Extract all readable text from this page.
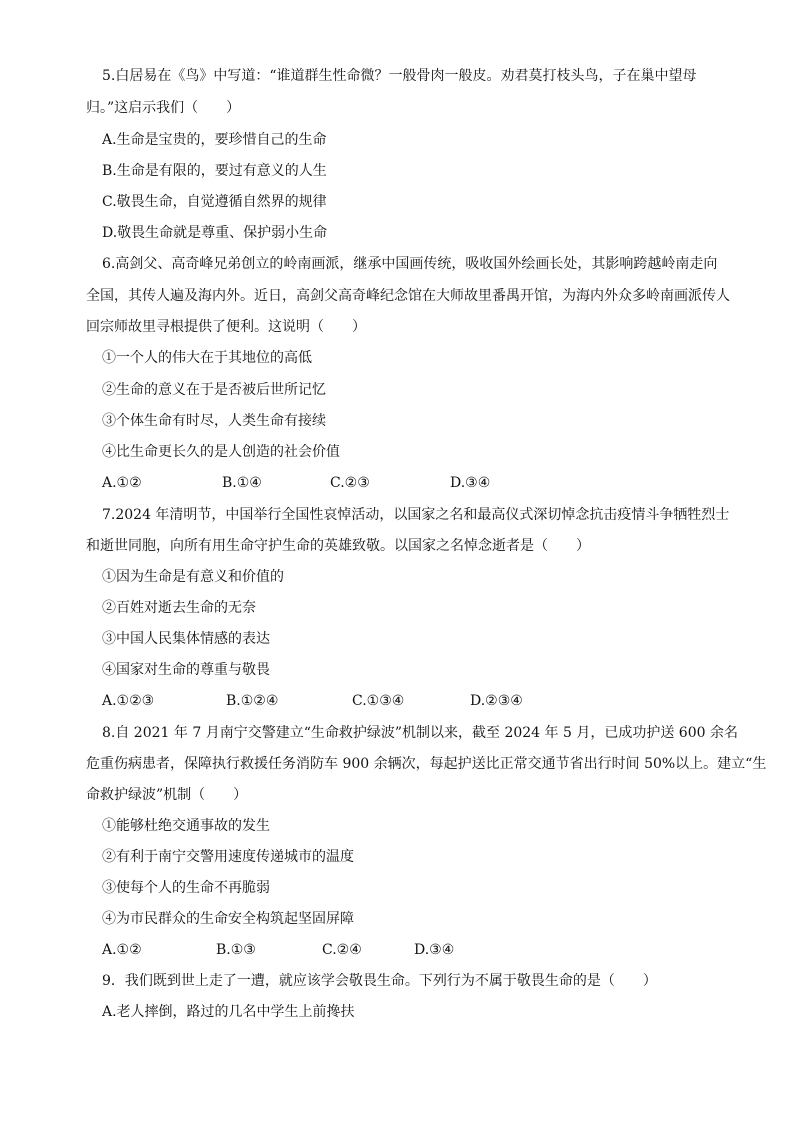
5.白居易在《鸟》中写道：“谁道群生性命微？一般骨肉一般皮。劝君莫打枝头鸟，子在巢中望母
归。”这启示我们（　　）
A.生命是宝贵的，要珍惜自己的生命
B.生命是有限的，要过有意义的人生
C.敬畏生命，自觉遵循自然界的规律
D.敬畏生命就是尊重、保护弱小生命
6.高剑父、高奇峰兄弟创立的岭南画派，继承中国画传统，吸收国外绘画长处，其影响跨越岭南走向
全国，其传人遍及海内外。近日，高剑父高奇峰纪念馆在大师故里番禺开馆，为海内外众多岭南画派传人
回宗师故里寻根提供了便利。这说明（　　）
①一个人的伟大在于其地位的高低
②生命的意义在于是否被后世所记忆
③个体生命有时尽，人类生命有接续
④比生命更长久的是人创造的社会价值
A.①②	B.①④	C.②③	D.③④
7.2024 年清明节，中国举行全国性哀悼活动，以国家之名和最高仪式深切悼念抗击疫情斗争牺牲烈士
和逝世同胞，向所有用生命守护生命的英雄致敬。以国家之名悼念逝者是（　　）
①因为生命是有意义和价值的
②百姓对逝去生命的无奈
③中国人民集体情感的表达
④国家对生命的尊重与敬畏
A.①②③	B.①②④	C.①③④	D.②③④
8.自 2021 年 7 月南宁交警建立“生命救护绿波”机制以来，截至 2024 年 5 月，已成功护送 600 余名
危重伤病患者，保障执行救援任务消防车 900 余辆次，每起护送比正常交通节省出行时间 50%以上。建立“生
命救护绿波”机制（　　）
①能够杜绝交通事故的发生
②有利于南宁交警用速度传递城市的温度
③使每个人的生命不再脆弱
④为市民群众的生命安全构筑起坚固屏障
A.①②	B.①③	C.②④	D.③④
9．我们既到世上走了一遭，就应该学会敬畏生命。下列行为不属于敬畏生命的是（　　）
A.老人摔倒，路过的几名中学生上前搀扶
